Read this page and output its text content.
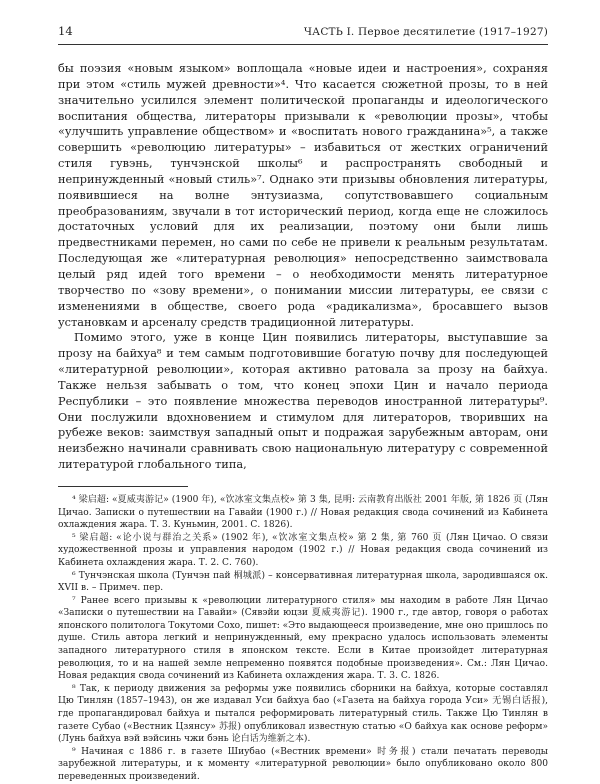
14	ЧАСТЬ I. Первое десятилетие (1917–1927)

бы поэзия «новым языком» воплощала «новые идеи и настроения», сохраняя при этом «стиль мужей древности»⁴. Что касается сюжетной прозы, то в ней значительно усилился элемент политической пропаганды и идеологического воспитания общества, литераторы призывали к «революции прозы», чтобы «улучшить управление обществом» и «воспитать нового гражданина»⁵, а также совершить «революцию литературы» – избавиться от жестких ограничений стиля гувэнь, тунчэнской школы⁶ и распространять свободный и непринужденный «новый стиль»⁷. Однако эти призывы обновления литературы, появившиеся на волне энтузиазма, сопутствовавшего социальным преобразованиям, звучали в тот исторический период, когда еще не сложилось достаточных условий для их реализации, поэтому они были лишь предвестниками перемен, но сами по себе не привели к реальным результатам. Последующая же «литературная революция» непосредственно заимствовала целый ряд идей того времени – о необходимости менять литературное творчество по «зову времени», о понимании миссии литературы, ее связи с изменениями в обществе, своего рода «радикализма», бросавшего вызов установкам и арсеналу средств традиционной литературы.

Помимо этого, уже в конце Цин появились литераторы, выступавшие за прозу на байхуа⁸ и тем самым подготовившие богатую почву для последующей «литературной революции», которая активно ратовала за прозу на байхуа. Также нельзя забывать о том, что конец эпохи Цин и начало периода Республики – это появление множества переводов иностранной литературы⁹. Они послужили вдохновением и стимулом для литераторов, творивших на рубеже веков: заимствуя западный опыт и подражая зарубежным авторам, они неизбежно начинали сравнивать свою национальную литературу с современной литературой глобального типа,

⁴ 梁启超: «夏威夷游记» (1900 年), «饮冰室文集点校» 第 3 集, 昆明: 云南教育出版社 2001 年版, 第 1826 页 (Лян Цичао. Записки о путешествии на Гавайи (1900 г.) // Новая редакция свода сочинений из Кабинета охлаждения жара. Т. 3. Куньмин, 2001. С. 1826).

⁵ 梁启超: «论小说与群治之关系» (1902 年), «饮冰室文集点校» 第 2 集, 第 760 页 (Лян Цичао. О связи художественной прозы и управления народом (1902 г.) // Новая редакция свода сочинений из Кабинета охлаждения жара. Т. 2. С. 760).

⁶ Тунчэнская школа (Тунчэн пай 桐城派) – консервативная литературная школа, зародившаяся ок. XVII в. – Примеч. пер.

⁷ Ранее всего призывы к «революции литературного стиля» мы находим в работе Лян Цичао «Записки о путешествии на Гавайи» (Сявэйи юцзи 夏威夷游记). 1900 г., где автор, говоря о работах японского политолога Токутоми Сохо, пишет: «Это выдающееся произведение, мне оно пришлось по душе. Стиль автора легкий и непринужденный, ему прекрасно удалось использовать элементы западного литературного стиля в японском тексте. Если в Китае произойдет литературная революция, то и на нашей земле непременно появятся подобные произведения». См.: Лян Цичао. Новая редакция свода сочинений из Кабинета охлаждения жара. Т. 3. С. 1826.

⁸ Так, к периоду движения за реформы уже появились сборники на байхуа, которые составлял Цю Тинлян (1857–1943), он же издавал Уси байхуа бао («Газета на байхуа города Уси» 无锡白话报), где пропагандировал байхуа и пытался реформировать литературный стиль. Также Цю Тинлян в газете Субао («Вестник Цзянсу» 苏报) опубликовал известную статью «О байхуа как основе реформ» (Лунь байхуа вэй вэйсинь чжи бэнь 论白话为维新之本).

⁹ Начиная с 1886 г. в газете Шиубао («Вестник времени» 时务报) стали печатать переводы зарубежной литературы, и к моменту «литературной революции» было опубликовано около 800 переведенных произведений.
